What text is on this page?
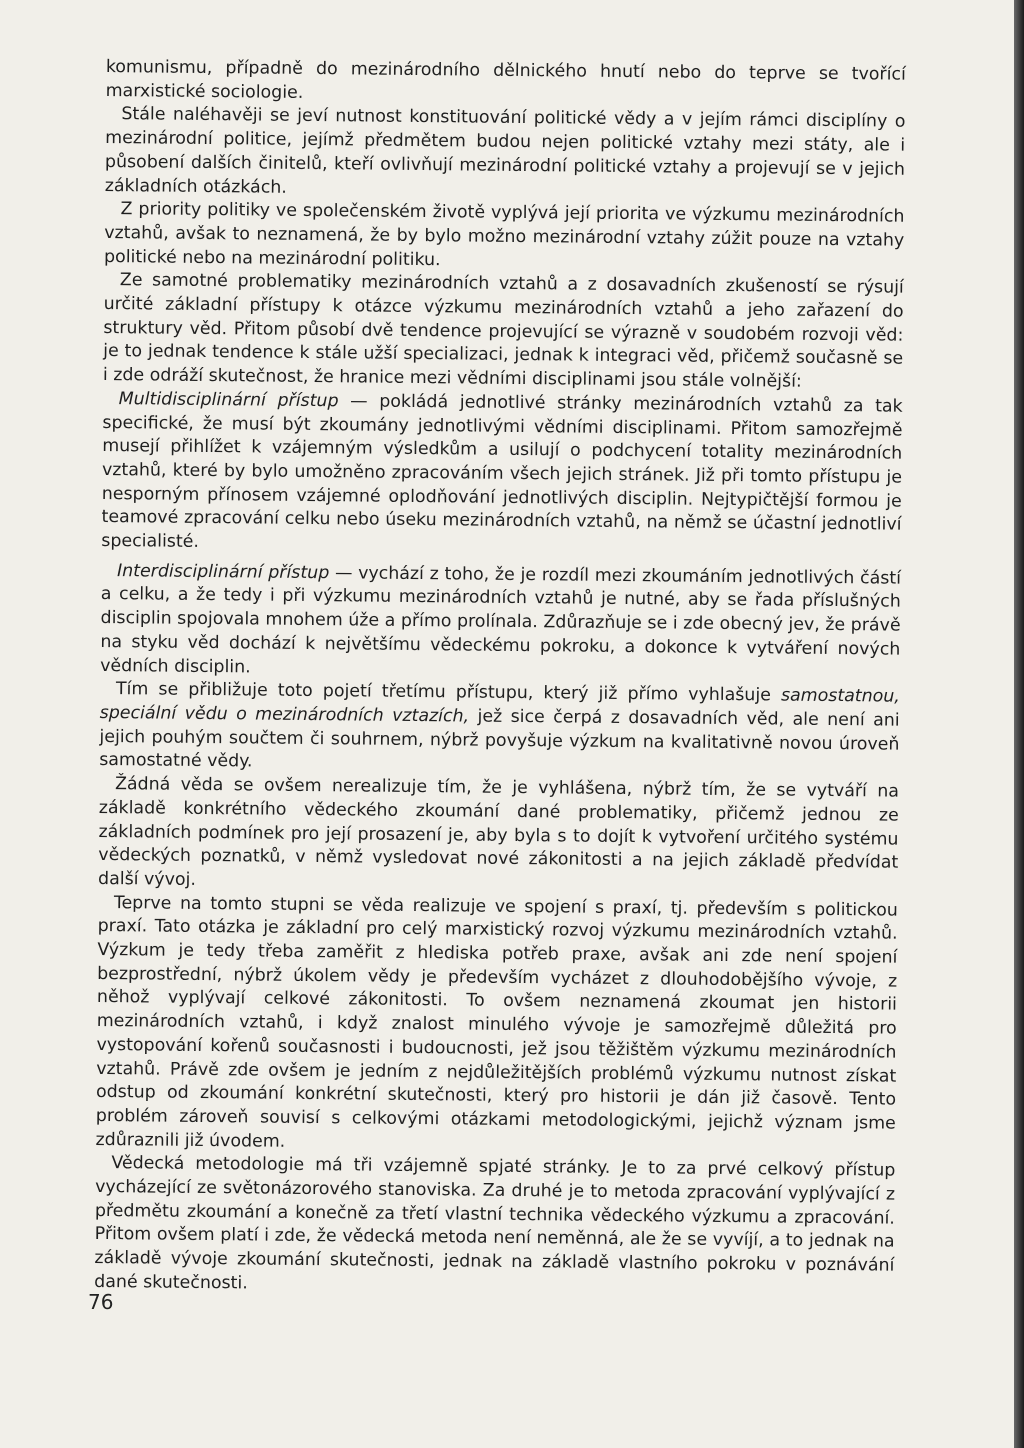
komunismu, případně do mezinárodního dělnického hnutí nebo do teprve se tvořící marxistické sociologie.

Stále naléhavěji se jeví nutnost konstituování politické vědy a v jejím rámci disciplíny o mezinárodní politice, jejímž předmětem budou nejen politické vztahy mezi státy, ale i působení dalších činitelů, kteří ovlivňují mezinárodní politické vztahy a projevují se v jejich základních otázkách.

Z priority politiky ve společenském životě vyplývá její priorita ve výzkumu mezinárodních vztahů, avšak to neznamená, že by bylo možno mezinárodní vztahy zúžit pouze na vztahy politické nebo na mezinárodní politiku.

Ze samotné problematiky mezinárodních vztahů a z dosavadních zkušeností se rýsují určité základní přístupy k otázce výzkumu mezinárodních vztahů a jeho zařazení do struktury věd. Přitom působí dvě tendence projevující se výrazně v soudobém rozvoji věd: je to jednak tendence k stále užší specializaci, jednak k integraci věd, přičemž současně se i zde odráží skutečnost, že hranice mezi vědními disciplinami jsou stále volnější:

Multidisciplinární přístup — pokládá jednotlivé stránky mezinárodních vztahů za tak specifické, že musí být zkoumány jednotlivými vědními disciplinami. Přitom samozřejmě musejí přihlížet k vzájemným výsledkům a usilují o podchycení totality mezinárodních vztahů, které by bylo umožněno zpracováním všech jejich stránek. Již při tomto přístupu je nesporným přínosem vzájemné oplodňování jednotlivých disciplin. Nejtypičtější formou je teamové zpracování celku nebo úseku mezinárodních vztahů, na němž se účastní jednotliví specialisté.

Interdisciplinární přístup — vychází z toho, že je rozdíl mezi zkoumáním jednotlivých částí a celku, a že tedy i při výzkumu mezinárodních vztahů je nutné, aby se řada příslušných disciplin spojovala mnohem úže a přímo prolínala. Zdůrazňuje se i zde obecný jev, že právě na styku věd dochází k největšímu vědeckému pokroku, a dokonce k vytváření nových vědních disciplin.

Tím se přibližuje toto pojetí třetímu přístupu, který již přímo vyhlašuje samostatnou, speciální vědu o mezinárodních vztazích, jež sice čerpá z dosavadních věd, ale není ani jejich pouhým součtem či souhrnem, nýbrž povyšuje výzkum na kvalitativně novou úroveň samostatné vědy.

Žádná věda se ovšem nerealizuje tím, že je vyhlášena, nýbrž tím, že se vytváří na základě konkrétního vědeckého zkoumání dané problematiky, přičemž jednou ze základních podmínek pro její prosazení je, aby byla s to dojít k vytvoření určitého systému vědeckých poznatků, v němž vysledovat nové zákonitosti a na jejich základě předvídat další vývoj.

Teprve na tomto stupni se věda realizuje ve spojení s praxí, tj. především s politickou praxí. Tato otázka je základní pro celý marxistický rozvoj výzkumu mezinárodních vztahů. Výzkum je tedy třeba zaměřit z hlediska potřeb praxe, avšak ani zde není spojení bezprostřední, nýbrž úkolem vědy je především vycházet z dlouhodobějšího vývoje, z něhož vyplývají celkové zákonitosti. To ovšem neznamená zkoumat jen historii mezinárodních vztahů, i když znalost minulého vývoje je samozřejmě důležitá pro vystopování kořenů současnosti i budoucnosti, jež jsou těžištěm výzkumu mezinárodních vztahů. Právě zde ovšem je jedním z nejdůležitějších problémů výzkumu nutnost získat odstup od zkoumání konkrétní skutečnosti, který pro historii je dán již časově. Tento problém zároveň souvisí s celkovými otázkami metodologickými, jejichž význam jsme zdůraznili již úvodem.

Vědecká metodologie má tři vzájemně spjaté stránky. Je to za prvé celkový přístup vycházející ze světonázorového stanoviska. Za druhé je to metoda zpracování vyplývající z předmětu zkoumání a konečně za třetí vlastní technika vědeckého výzkumu a zpracování. Přitom ovšem platí i zde, že vědecká metoda není neměnná, ale že se vyvíjí, a to jednak na základě vývoje zkoumání skutečnosti, jednak na základě vlastního pokroku v poznávání dané skutečnosti.

76
